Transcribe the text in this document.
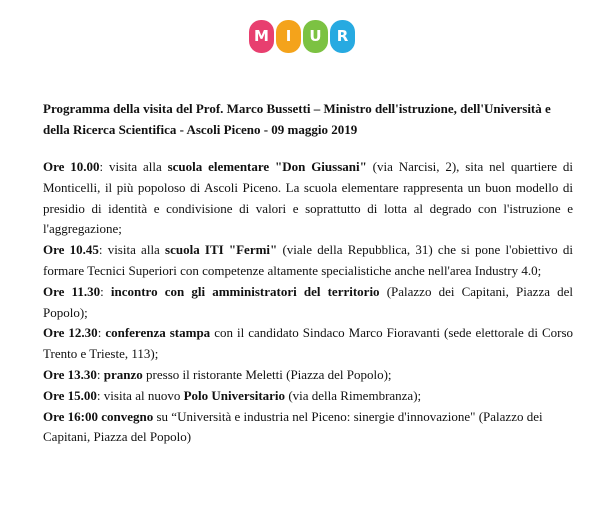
M	I	U	R
Programma della visita del Prof. Marco Bussetti – Ministro dell'istruzione, dell'Università e
della Ricerca Scientifica - Ascoli Piceno - 09 maggio 2019

Ore 10.00: visita alla scuola elementare "Don Giussani" (via Narcisi, 2), sita nel quartiere di Monticelli, il più popoloso di Ascoli Piceno. La scuola elementare rappresenta un buon modello di presidio di identità e condivisione di valori e soprattutto di lotta al degrado con l'istruzione e l'aggregazione;

Ore 10.45: visita alla scuola ITI "Fermi" (viale della Repubblica, 31) che si pone l'obiettivo di formare Tecnici Superiori con competenze altamente specialistiche anche nell'area Industry 4.0;

Ore 11.30: incontro con gli amministratori del territorio (Palazzo dei Capitani, Piazza del Popolo);

Ore 12.30: conferenza stampa con il candidato Sindaco Marco Fioravanti (sede elettorale di Corso Trento e Trieste, 113);

Ore 13.30: pranzo presso il ristorante Meletti (Piazza del Popolo);

Ore 15.00: visita al nuovo Polo Universitario (via della Rimembranza);

Ore 16:00 convegno su “Università e industria nel Piceno: sinergie d'innovazione" (Palazzo dei Capitani, Piazza del Popolo)
